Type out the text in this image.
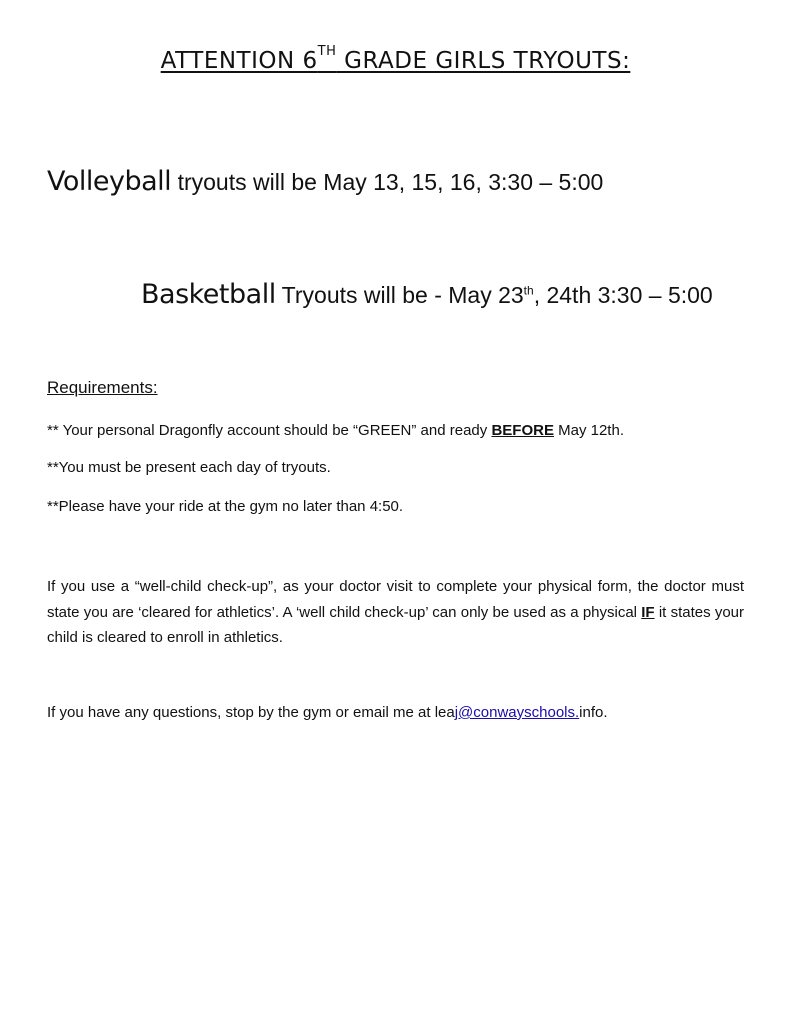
ATTENTION 6TH GRADE GIRLS TRYOUTS:
Volleyball tryouts will be May 13, 15, 16, 3:30 – 5:00
Basketball Tryouts will be - May 23th, 24th 3:30 – 5:00
Requirements:
** Your personal Dragonfly account should be “GREEN” and ready BEFORE May 12th.
**You must be present each day of tryouts.
**Please have your ride at the gym no later than 4:50.
If you use a “well-child check-up”, as your doctor visit to complete your physical form, the doctor must state you are ‘cleared for athletics’. A ‘well child check-up’ can only be used as a physical IF it states your child is cleared to enroll in athletics.
If you have any questions, stop by the gym or email me at leaj@conwayschools.info.
